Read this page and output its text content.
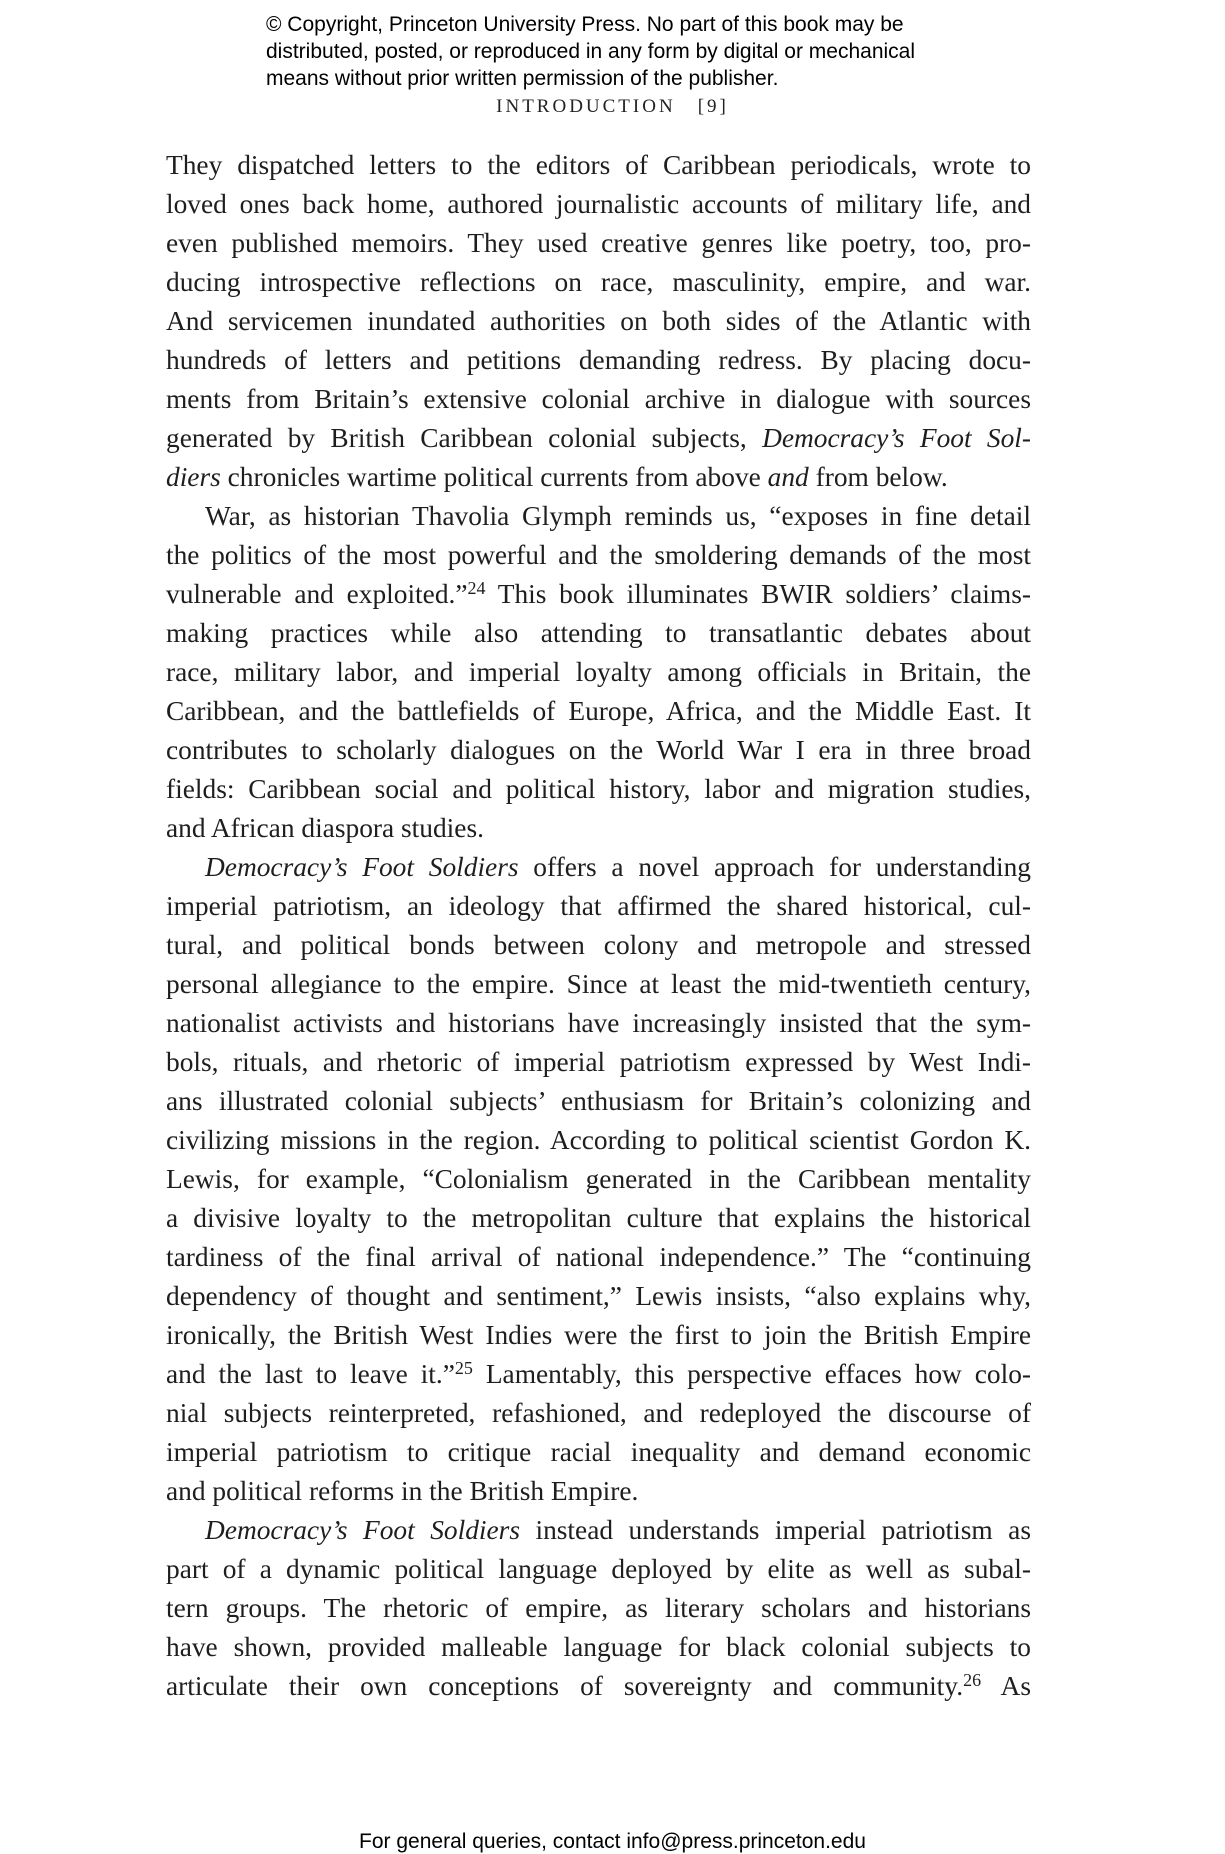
© Copyright, Princeton University Press. No part of this book may be
distributed, posted, or reproduced in any form by digital or mechanical
means without prior written permission of the publisher.
INTRODUCTION [9]
They dispatched letters to the editors of Caribbean periodicals, wrote to
loved ones back home, authored journalistic accounts of military life, and
even published memoirs. They used creative genres like poetry, too, pro-
ducing introspective reflections on race, masculinity, empire, and war.
And servicemen inundated authorities on both sides of the Atlantic with
hundreds of letters and petitions demanding redress. By placing docu-
ments from Britain’s extensive colonial archive in dialogue with sources
generated by British Caribbean colonial subjects, Democracy’s Foot Sol-
diers chronicles wartime political currents from above and from below.
War, as historian Thavolia Glymph reminds us, “exposes in fine detail
the politics of the most powerful and the smoldering demands of the most
vulnerable and exploited.”$^{24}$ This book illuminates BWIR soldiers’ claims-
making practices while also attending to transatlantic debates about
race, military labor, and imperial loyalty among officials in Britain, the
Caribbean, and the battlefields of Europe, Africa, and the Middle East. It
contributes to scholarly dialogues on the World War I era in three broad
fields: Caribbean social and political history, labor and migration studies,
and African diaspora studies.
Democracy’s Foot Soldiers offers a novel approach for understanding
imperial patriotism, an ideology that affirmed the shared historical, cul-
tural, and political bonds between colony and metropole and stressed
personal allegiance to the empire. Since at least the mid-twentieth century,
nationalist activists and historians have increasingly insisted that the sym-
bols, rituals, and rhetoric of imperial patriotism expressed by West Indi-
ans illustrated colonial subjects’ enthusiasm for Britain’s colonizing and
civilizing missions in the region. According to political scientist Gordon K.
Lewis, for example, “Colonialism generated in the Caribbean mentality
a divisive loyalty to the metropolitan culture that explains the historical
tardiness of the final arrival of national independence.” The “continuing
dependency of thought and sentiment,” Lewis insists, “also explains why,
ironically, the British West Indies were the first to join the British Empire
and the last to leave it.”$^{25}$ Lamentably, this perspective effaces how colo-
nial subjects reinterpreted, refashioned, and redeployed the discourse of
imperial patriotism to critique racial inequality and demand economic
and political reforms in the British Empire.
Democracy’s Foot Soldiers instead understands imperial patriotism as
part of a dynamic political language deployed by elite as well as subal-
tern groups. The rhetoric of empire, as literary scholars and historians
have shown, provided malleable language for black colonial subjects to
articulate their own conceptions of sovereignty and community.$^{26}$ As
For general queries, contact info@press.princeton.edu
